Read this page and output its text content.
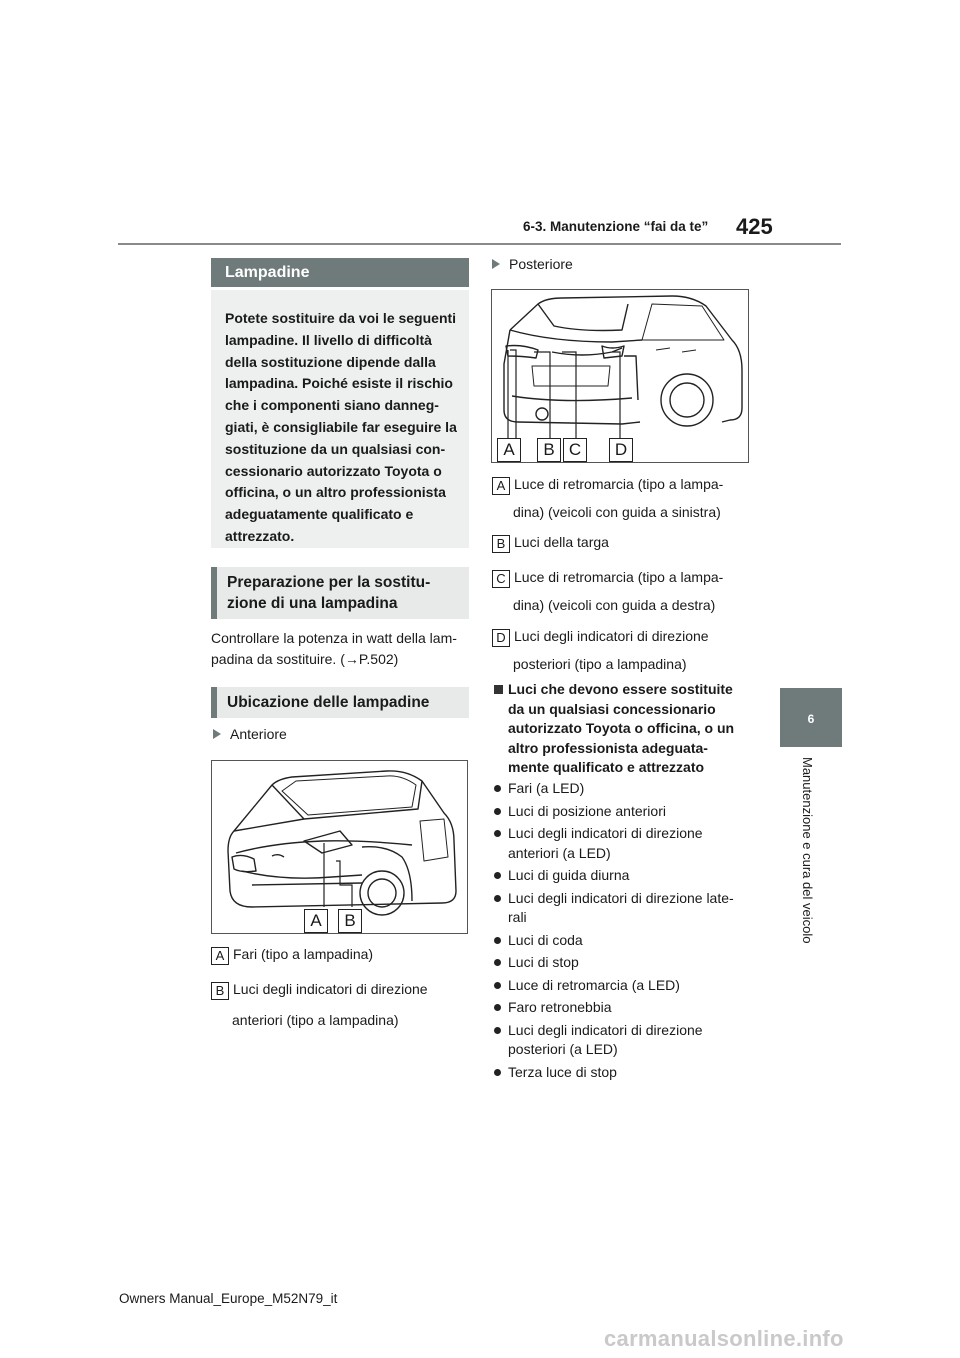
6-3. Manutenzione “fai da te” 425
6
Manutenzione e cura del veicolo
Lampadine
Potete sostituire da voi le seguenti
lampadine. Il livello di difficoltà
della sostituzione dipende dalla
lampadina. Poiché esiste il rischio
che i componenti siano danneg-
giati, è consigliabile far eseguire la
sostituzione da un qualsiasi con-
cessionario autorizzato Toyota o
officina, o un altro professionista
adeguatamente qualificato e
attrezzato.
Preparazione per la sostitu-
zione di una lampadina
Controllare la potenza in watt della lam-
padina da sostituire. (→P.502)
Ubicazione delle lampadine
Anteriore
A	B
A Fari (tipo a lampadina)
B Luci degli indicatori di direzione
anteriori (tipo a lampadina)
Posteriore
A	B C	D
A Luce di retromarcia (tipo a lampa-
dina) (veicoli con guida a sinistra)
B Luci della targa
C Luce di retromarcia (tipo a lampa-
dina) (veicoli con guida a destra)
D Luci degli indicatori di direzione
posteriori (tipo a lampadina)
Luci che devono essere sostituite
da un qualsiasi concessionario
autorizzato Toyota o officina, o un
altro professionista adeguata-
mente qualificato e attrezzato
Fari (a LED)
Luci di posizione anteriori
Luci degli indicatori di direzione
anteriori (a LED)
Luci di guida diurna
Luci degli indicatori di direzione late-
rali
Luci di coda
Luci di stop
Luce di retromarcia (a LED)
Faro retronebbia
Luci degli indicatori di direzione
posteriori (a LED)
Terza luce di stop
Owners Manual_Europe_M52N79_it
carmanualsonline.info
